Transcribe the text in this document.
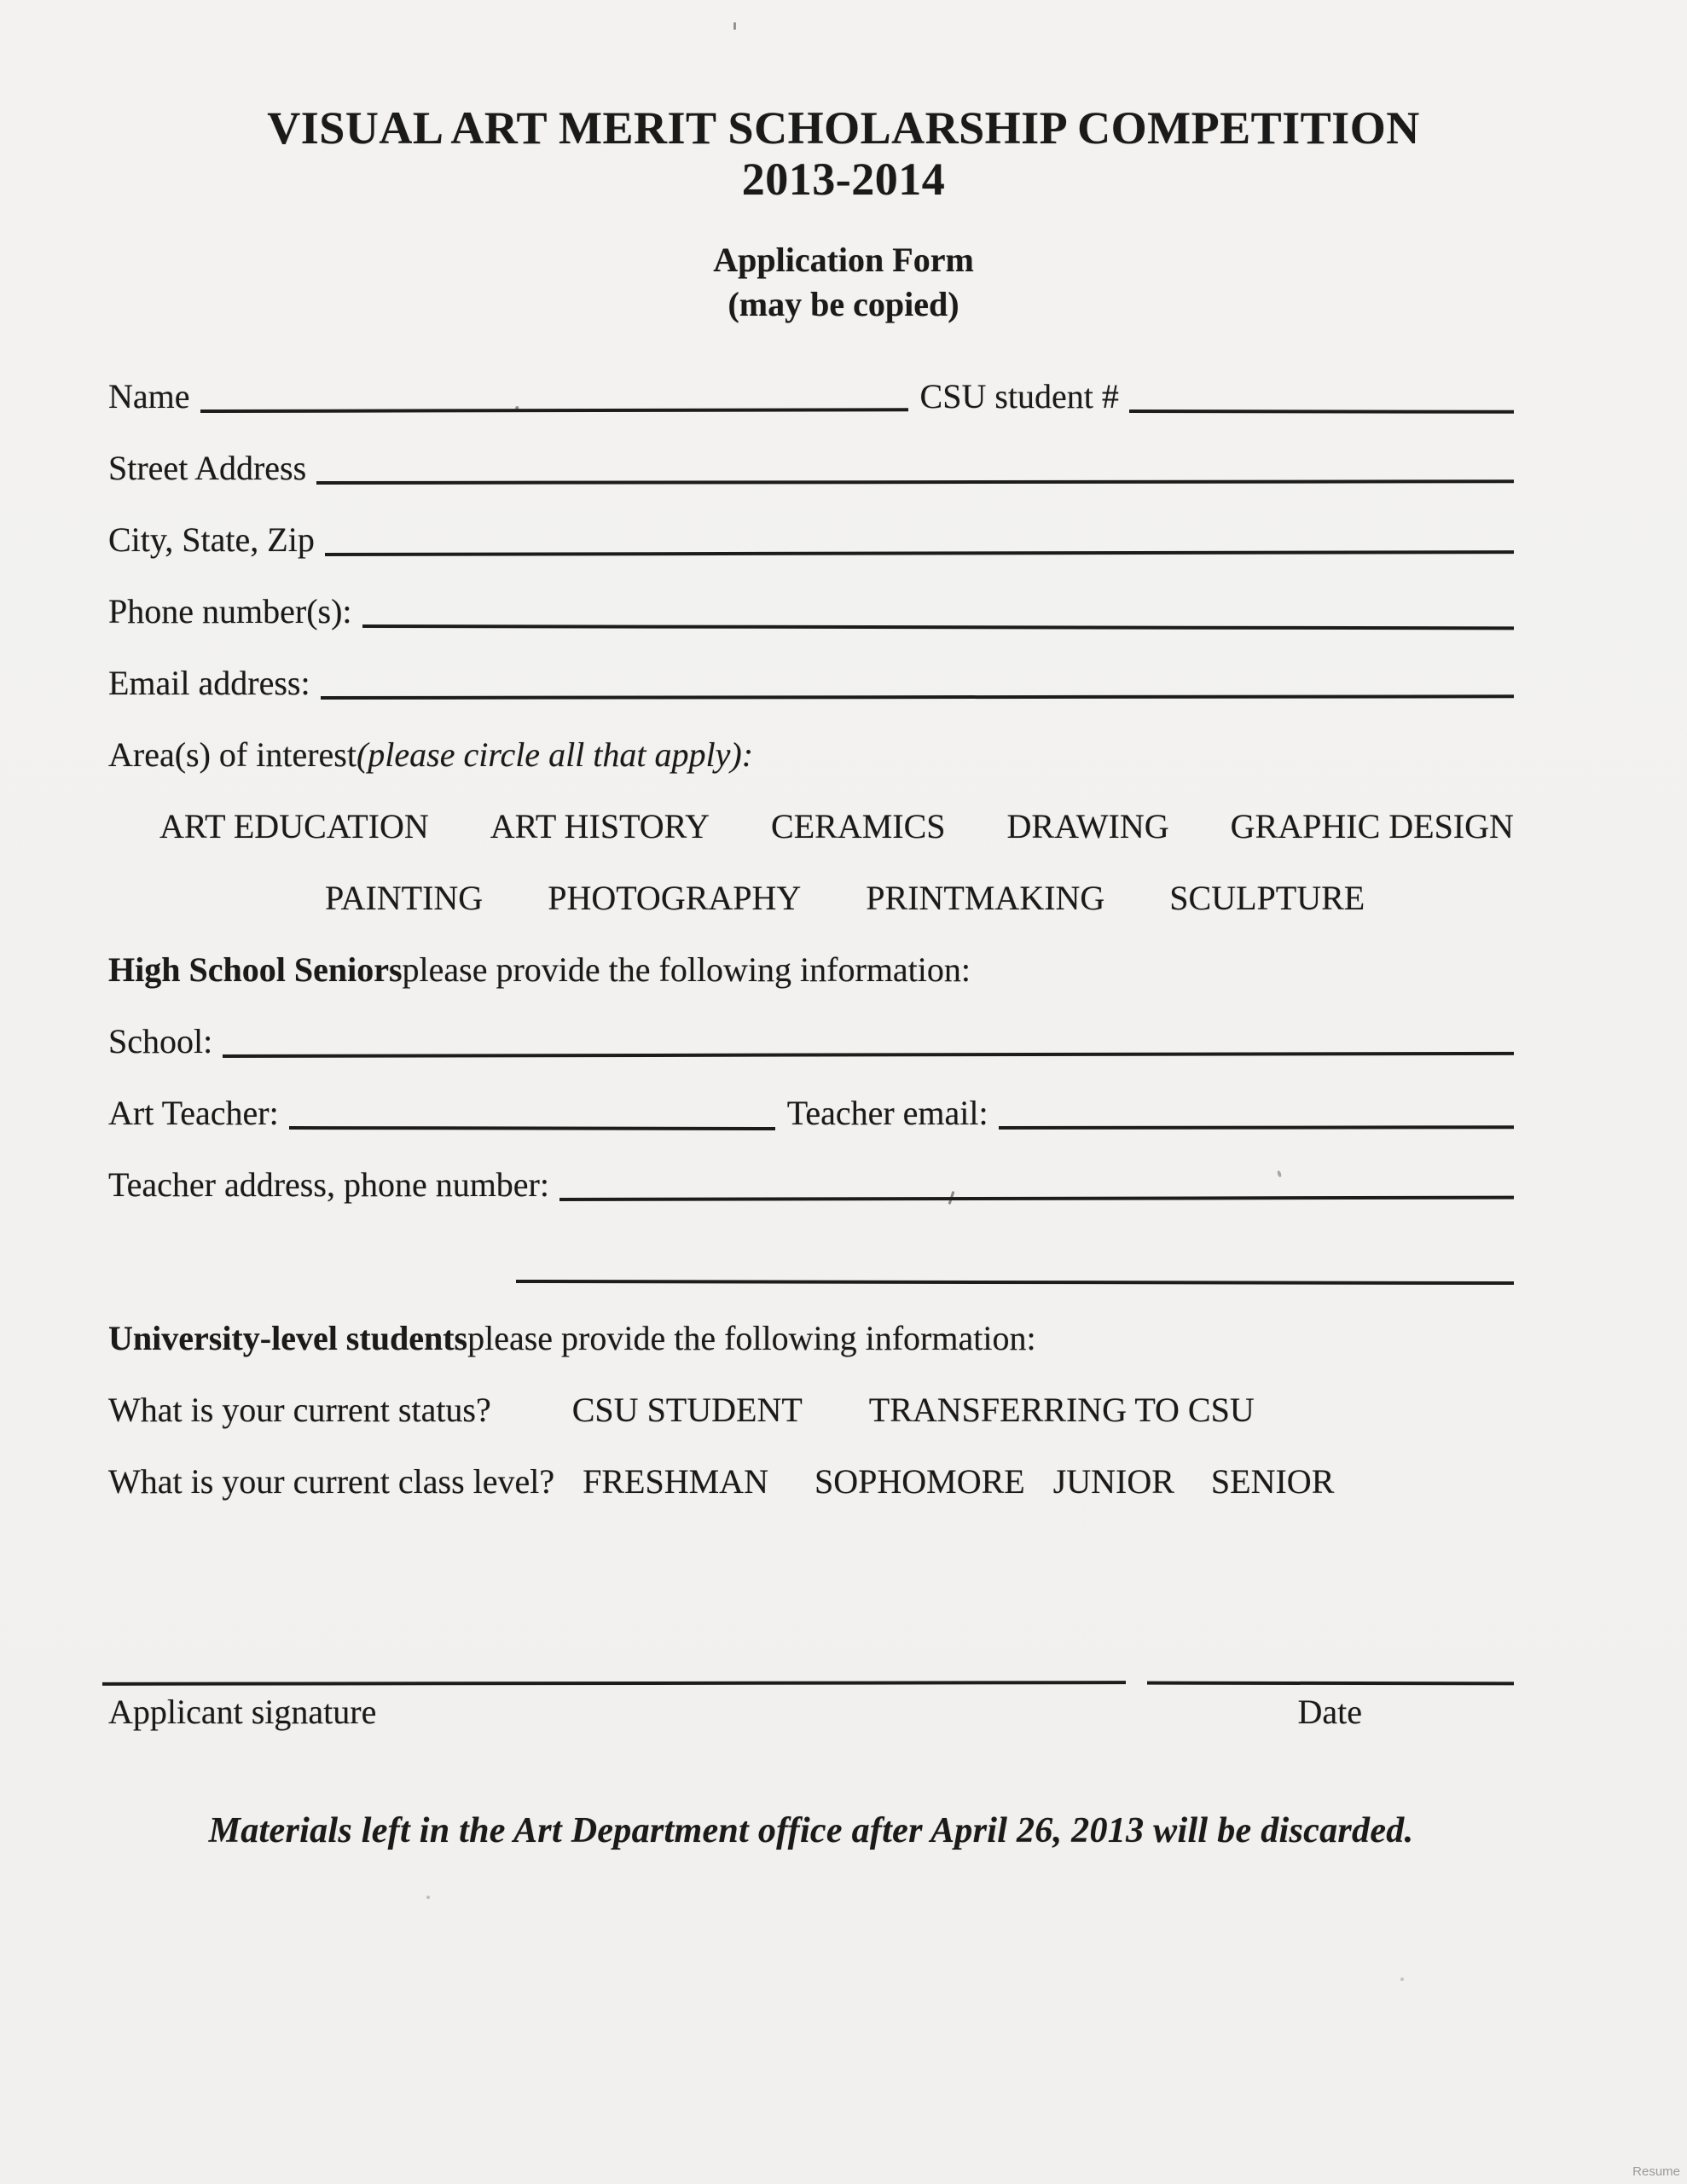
VISUAL ART MERIT SCHOLARSHIP COMPETITION
2013-2014
Application Form
(may be copied)
Name	CSU student #
Street Address
City, State, Zip
Phone number(s):
Email address:
Area(s) of interest (please circle all that apply):
ART EDUCATION ART HISTORY CERAMICS DRAWING GRAPHIC DESIGN
PAINTING PHOTOGRAPHY PRINTMAKING SCULPTURE
High School Seniors please provide the following information:
School:
Art Teacher:	Teacher email:
Teacher address, phone number:
University-level students please provide the following information:
What is your current status? CSU STUDENT TRANSFERRING TO CSU
What is your current class level? FRESHMAN SOPHOMORE JUNIOR SENIOR
Applicant signature	Date
Materials left in the Art Department office after April 26, 2013 will be discarded.
Resume
